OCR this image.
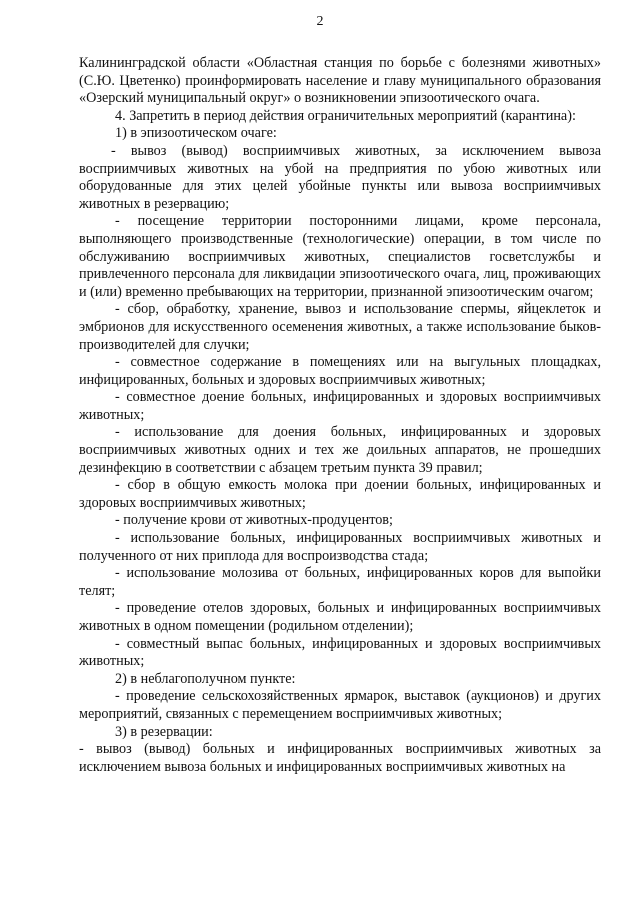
2

Калининградской области «Областная станция по борьбе с болезнями животных» (С.Ю. Цветенко) проинформировать население и главу муниципального образования «Озерский муниципальный округ» о возникновении эпизоотического очага.

4. Запретить в период действия ограничительных мероприятий (карантина):

1) в эпизоотическом очаге:

- вывоз (вывод) восприимчивых животных, за исключением вывоза восприимчивых животных на убой на предприятия по убою животных или оборудованные для этих целей убойные пункты или вывоза восприимчивых животных в резервацию;

- посещение территории посторонними лицами, кроме персонала, выполняющего производственные (технологические) операции, в том числе по обслуживанию восприимчивых животных, специалистов госветслужбы и привлеченного персонала для ликвидации эпизоотического очага, лиц, проживающих и (или) временно пребывающих на территории, признанной эпизоотическим очагом;

- сбор, обработку, хранение, вывоз и использование спермы, яйцеклеток и эмбрионов для искусственного осеменения животных, а также использование быков-производителей для случки;

- совместное содержание в помещениях или на выгульных площадках, инфицированных, больных и здоровых восприимчивых животных;

- совместное доение больных, инфицированных и здоровых восприимчивых животных;

- использование для доения больных, инфицированных и здоровых восприимчивых животных одних и тех же доильных аппаратов, не прошедших дезинфекцию в соответствии с абзацем третьим пункта 39 правил;

- сбор в общую емкость молока при доении больных, инфицированных и здоровых восприимчивых животных;

- получение крови от животных-продуцентов;

- использование больных, инфицированных восприимчивых животных и полученного от них приплода для воспроизводства стада;

- использование молозива от больных, инфицированных коров для выпойки телят;

- проведение отелов здоровых, больных и инфицированных восприимчивых животных в одном помещении (родильном отделении);

- совместный выпас больных, инфицированных и здоровых восприимчивых животных;

2) в неблагополучном пункте:

- проведение сельскохозяйственных ярмарок, выставок (аукционов) и других мероприятий, связанных с перемещением восприимчивых животных;

3) в резервации:

- вывоз (вывод) больных и инфицированных восприимчивых животных за исключением вывоза больных и инфицированных восприимчивых животных на
